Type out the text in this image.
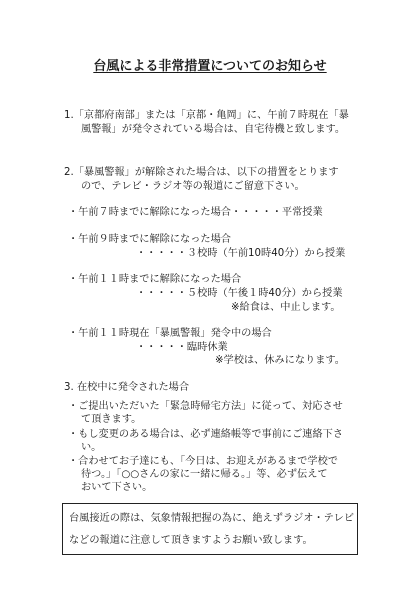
台風による非常措置についてのお知らせ
1.「京都府南部」または「京都・亀岡」に、午前７時現在「暴
風警報」が発令されている場合は、自宅待機と致します。
2.「暴風警報」が解除された場合は、以下の措置をとります
ので、テレビ・ラジオ等の報道にご留意下さい。
・午前７時までに解除になった場合・・・・・平常授業
・午前９時までに解除になった場合
・・・・・３校時（午前10時40分）から授業
・午前１１時までに解除になった場合
・・・・・５校時（午後１時40分）から授業
※給食は、中止します。
・午前１１時現在「暴風警報」発令中の場合
・・・・・臨時休業
※学校は、休みになります。
3. 在校中に発令された場合
・ご提出いただいた「緊急時帰宅方法」に従って、対応させ
て頂きます。
・もし変更のある場合は、必ず連絡帳等で事前にご連絡下さ
い。
・合わせてお子達にも、「今日は、お迎えがあるまで学校で
待つ。」「○○さんの家に一緒に帰る。」等、必ず伝えて
台風接近の際は、気象情報把握の為に、絶えずラジオ・テレビ
などの報道に注意して頂きますようお願い致します。
おいて下さい。
